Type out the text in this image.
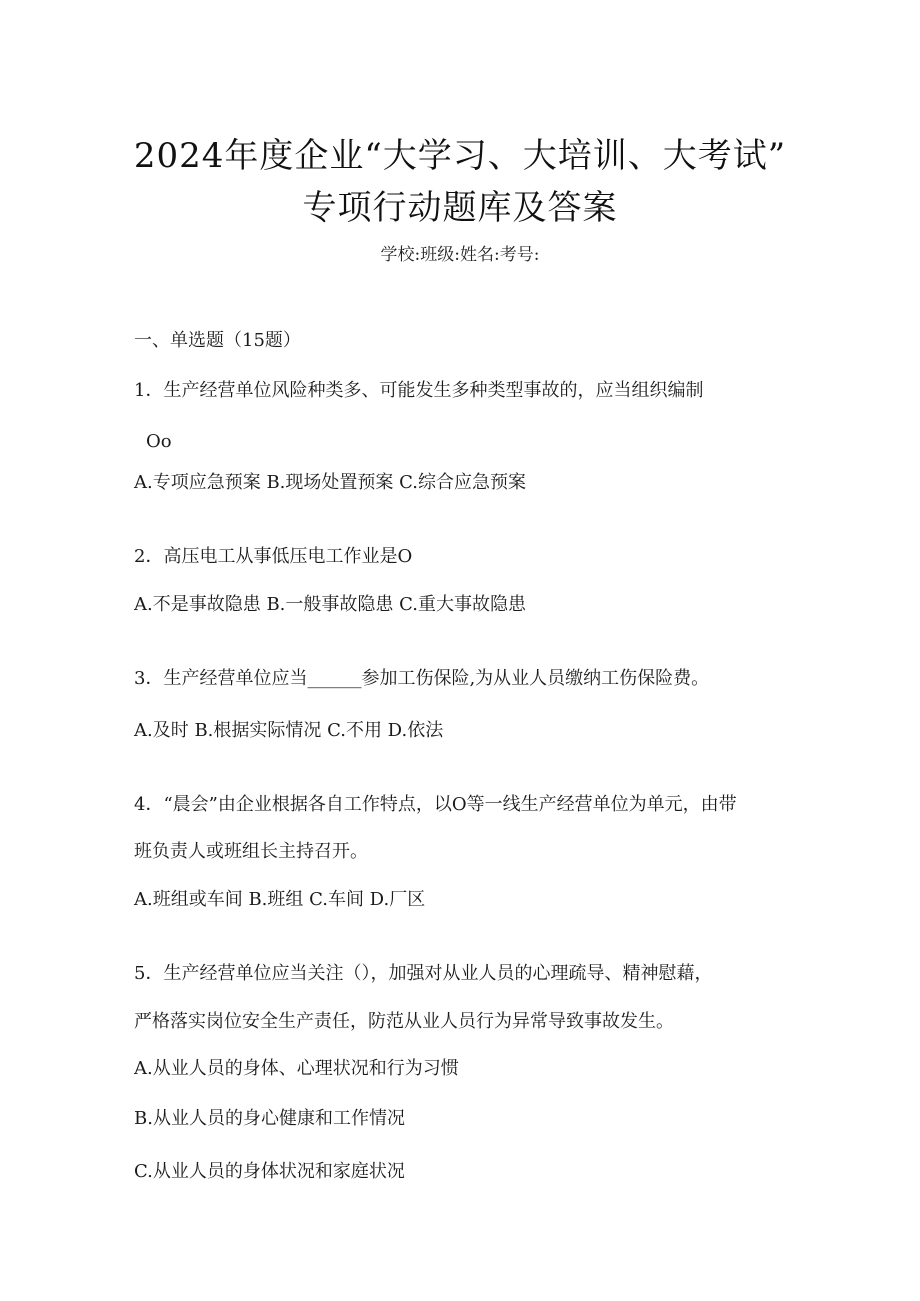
2024年度企业“大学习、大培训、大考试”
专项行动题库及答案
学校:班级:姓名:考号:
一、单选题（15题）
1．生产经营单位风险种类多、可能发生多种类型事故的，应当组织编制
Oo
A.专项应急预案 B.现场处置预案 C.综合应急预案
2．高压电工从事低压电工作业是O
A.不是事故隐患 B.一般事故隐患 C.重大事故隐患
3．生产经营单位应当______参加工伤保险,为从业人员缴纳工伤保险费。
A.及时 B.根据实际情况 C.不用 D.依法
4．“晨会”由企业根据各自工作特点，以O等一线生产经营单位为单元，由带
班负责人或班组长主持召开。
A.班组或车间 B.班组 C.车间 D.厂区
5．生产经营单位应当关注（），加强对从业人员的心理疏导、精神慰藉，
严格落实岗位安全生产责任，防范从业人员行为异常导致事故发生。
A.从业人员的身体、心理状况和行为习惯
B.从业人员的身心健康和工作情况
C.从业人员的身体状况和家庭状况
